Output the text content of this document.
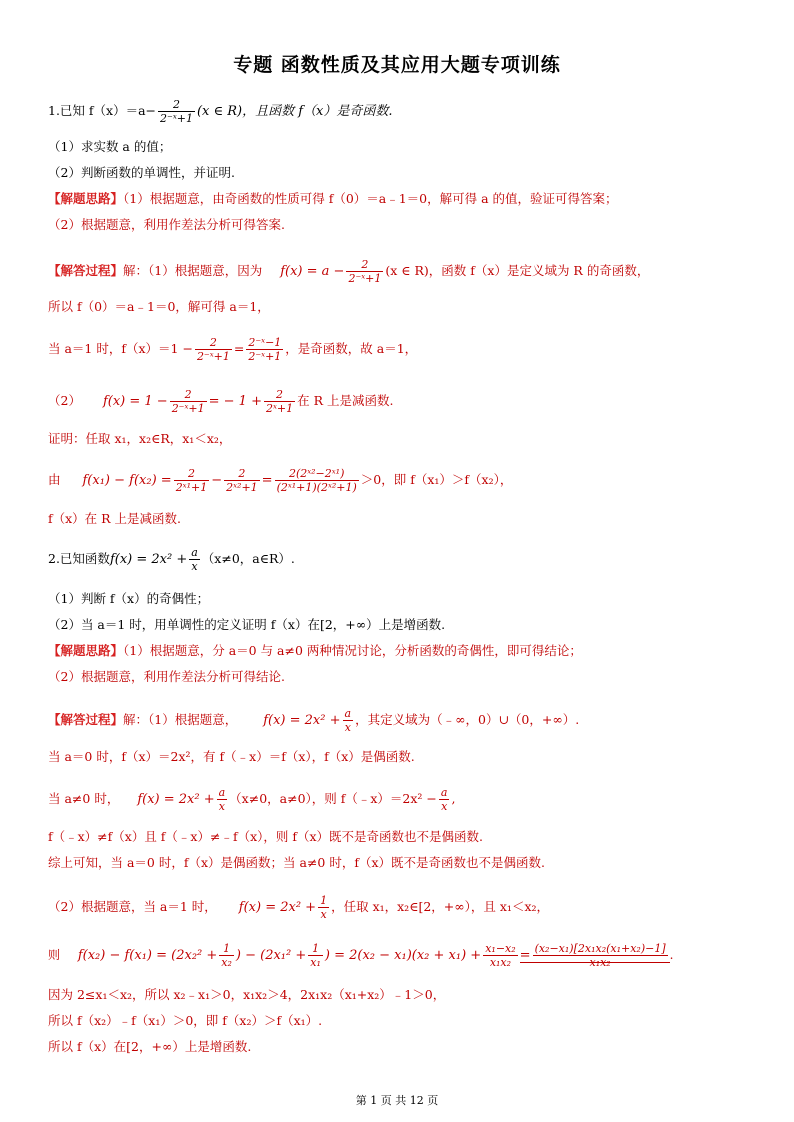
专题 函数性质及其应用大题专项训练
1.已知 $f(x)=a- \frac{2}{\text{2⁻ˣ+1}} (x$ ∈ R)，且函数 f（x）是奇函数.
（1）求实数 a 的值；
（2）判断函数的单调性，并证明.
【解题思路】（1）根据题意，由奇函数的性质可得 f（0）＝a﹣1＝0，解可得 a 的值，验证可得答案；
（2）根据题意，利用作差法分析可得答案.
【解答过程】解：（1）根据题意，因为 $f(x) = a - \frac{2}{\text{2⁻ˣ+1}} (x$ ∈ R)，函数 f（x）是定义域为 R 的奇函数，
所以 f（0）＝a﹣1＝0，解可得 a＝1，
当 a＝1 时，$f(x)=1 - \frac{2}{\text{2⁻ˣ+1}} = \frac{\text{2⁻ˣ−1}}{\text{2⁻ˣ+1}}$ ，是奇函数，故 a＝1，
（2） $f(x) = 1 - \frac{2}{\text{2⁻ˣ+1}}$ = − $1 + \frac{2}{\text{2ˣ+1}}$ 在 R 上是减函数.
证明：任取 x₁，x₂∈R，x₁＜x₂，
由 $f(x_1) - f(x_2) = \frac{2}{\text{2ˣ¹+1}} - \frac{2}{\text{2ˣ²+1}} = \frac{\text{2(2ˣ²−2ˣ¹)}}{\text{(2ˣ¹+1)(2ˣ²+1)}} >0$，即 f（x₁）＞f（x₂），
f（x）在 R 上是减函数.
2.已知函数$f(x) = 2x^2 + \frac{a}{x} (x\ne 0$，a∈R）.
（1）判断 f（x）的奇偶性；
（2）当 a＝1 时，用单调性的定义证明 f（x）在[2，+∞）上是增函数.
【解题思路】（1）根据题意，分 a＝0 与 a≠0 两种情况讨论，分析函数的奇偶性，即可得结论；
（2）根据题意，利用作差法分析可得结论.
【解答过程】解：（1）根据题意， $f(x) = 2x^2 + \frac{a}{x}$ ，其定义域为（﹣∞，0）∪（0，+∞）.
当 a＝0 时，f（x）＝2x²，有 f（﹣x）＝f（x），f（x）是偶函数.
当 a≠0 时， $f(x) = 2x^2 + \frac{a}{x} (x\ne 0$，a≠0），则 f（﹣x）＝2x² − $\frac{a}{x}$ ,
f（﹣x）≠f（x）且 f（﹣x）≠﹣f（x），则 f（x）既不是奇函数也不是偶函数.
综上可知，当 a＝0 时，f（x）是偶函数；当 a≠0 时，f（x）既不是奇函数也不是偶函数.
（2）根据题意，当 a＝1 时， $f(x) = 2x^2 + \frac{1}{x}$ ，任取 x₁，x₂∈[2，+∞），且 x₁＜x₂，
则 $f(x_2) - f(x_1) = (2x_2^2 + \frac{1}{\text{x₂}}$ ) − ($2x_1^2 + \frac{1}{\text{x₁}}$ ) = $2(x_2 - x_1)(x_2 + x_1) + \frac{\text{x₁−x₂}}{\text{x₁x₂}} = \frac{\text{(x₂−x₁)[2x₁x₂(x₁+x₂)−1]}}{\text{x₁x₂}}$ .
因为 2≤x₁＜x₂，所以 x₂﹣x₁＞0，x₁x₂＞4，2x₁x₂（x₁+x₂）﹣1＞0，
所以 f（x₂）﹣f（x₁）＞0，即 f（x₂）＞f（x₁）.
所以 f（x）在[2，+∞）上是增函数.
第 1 页 共 12 页
